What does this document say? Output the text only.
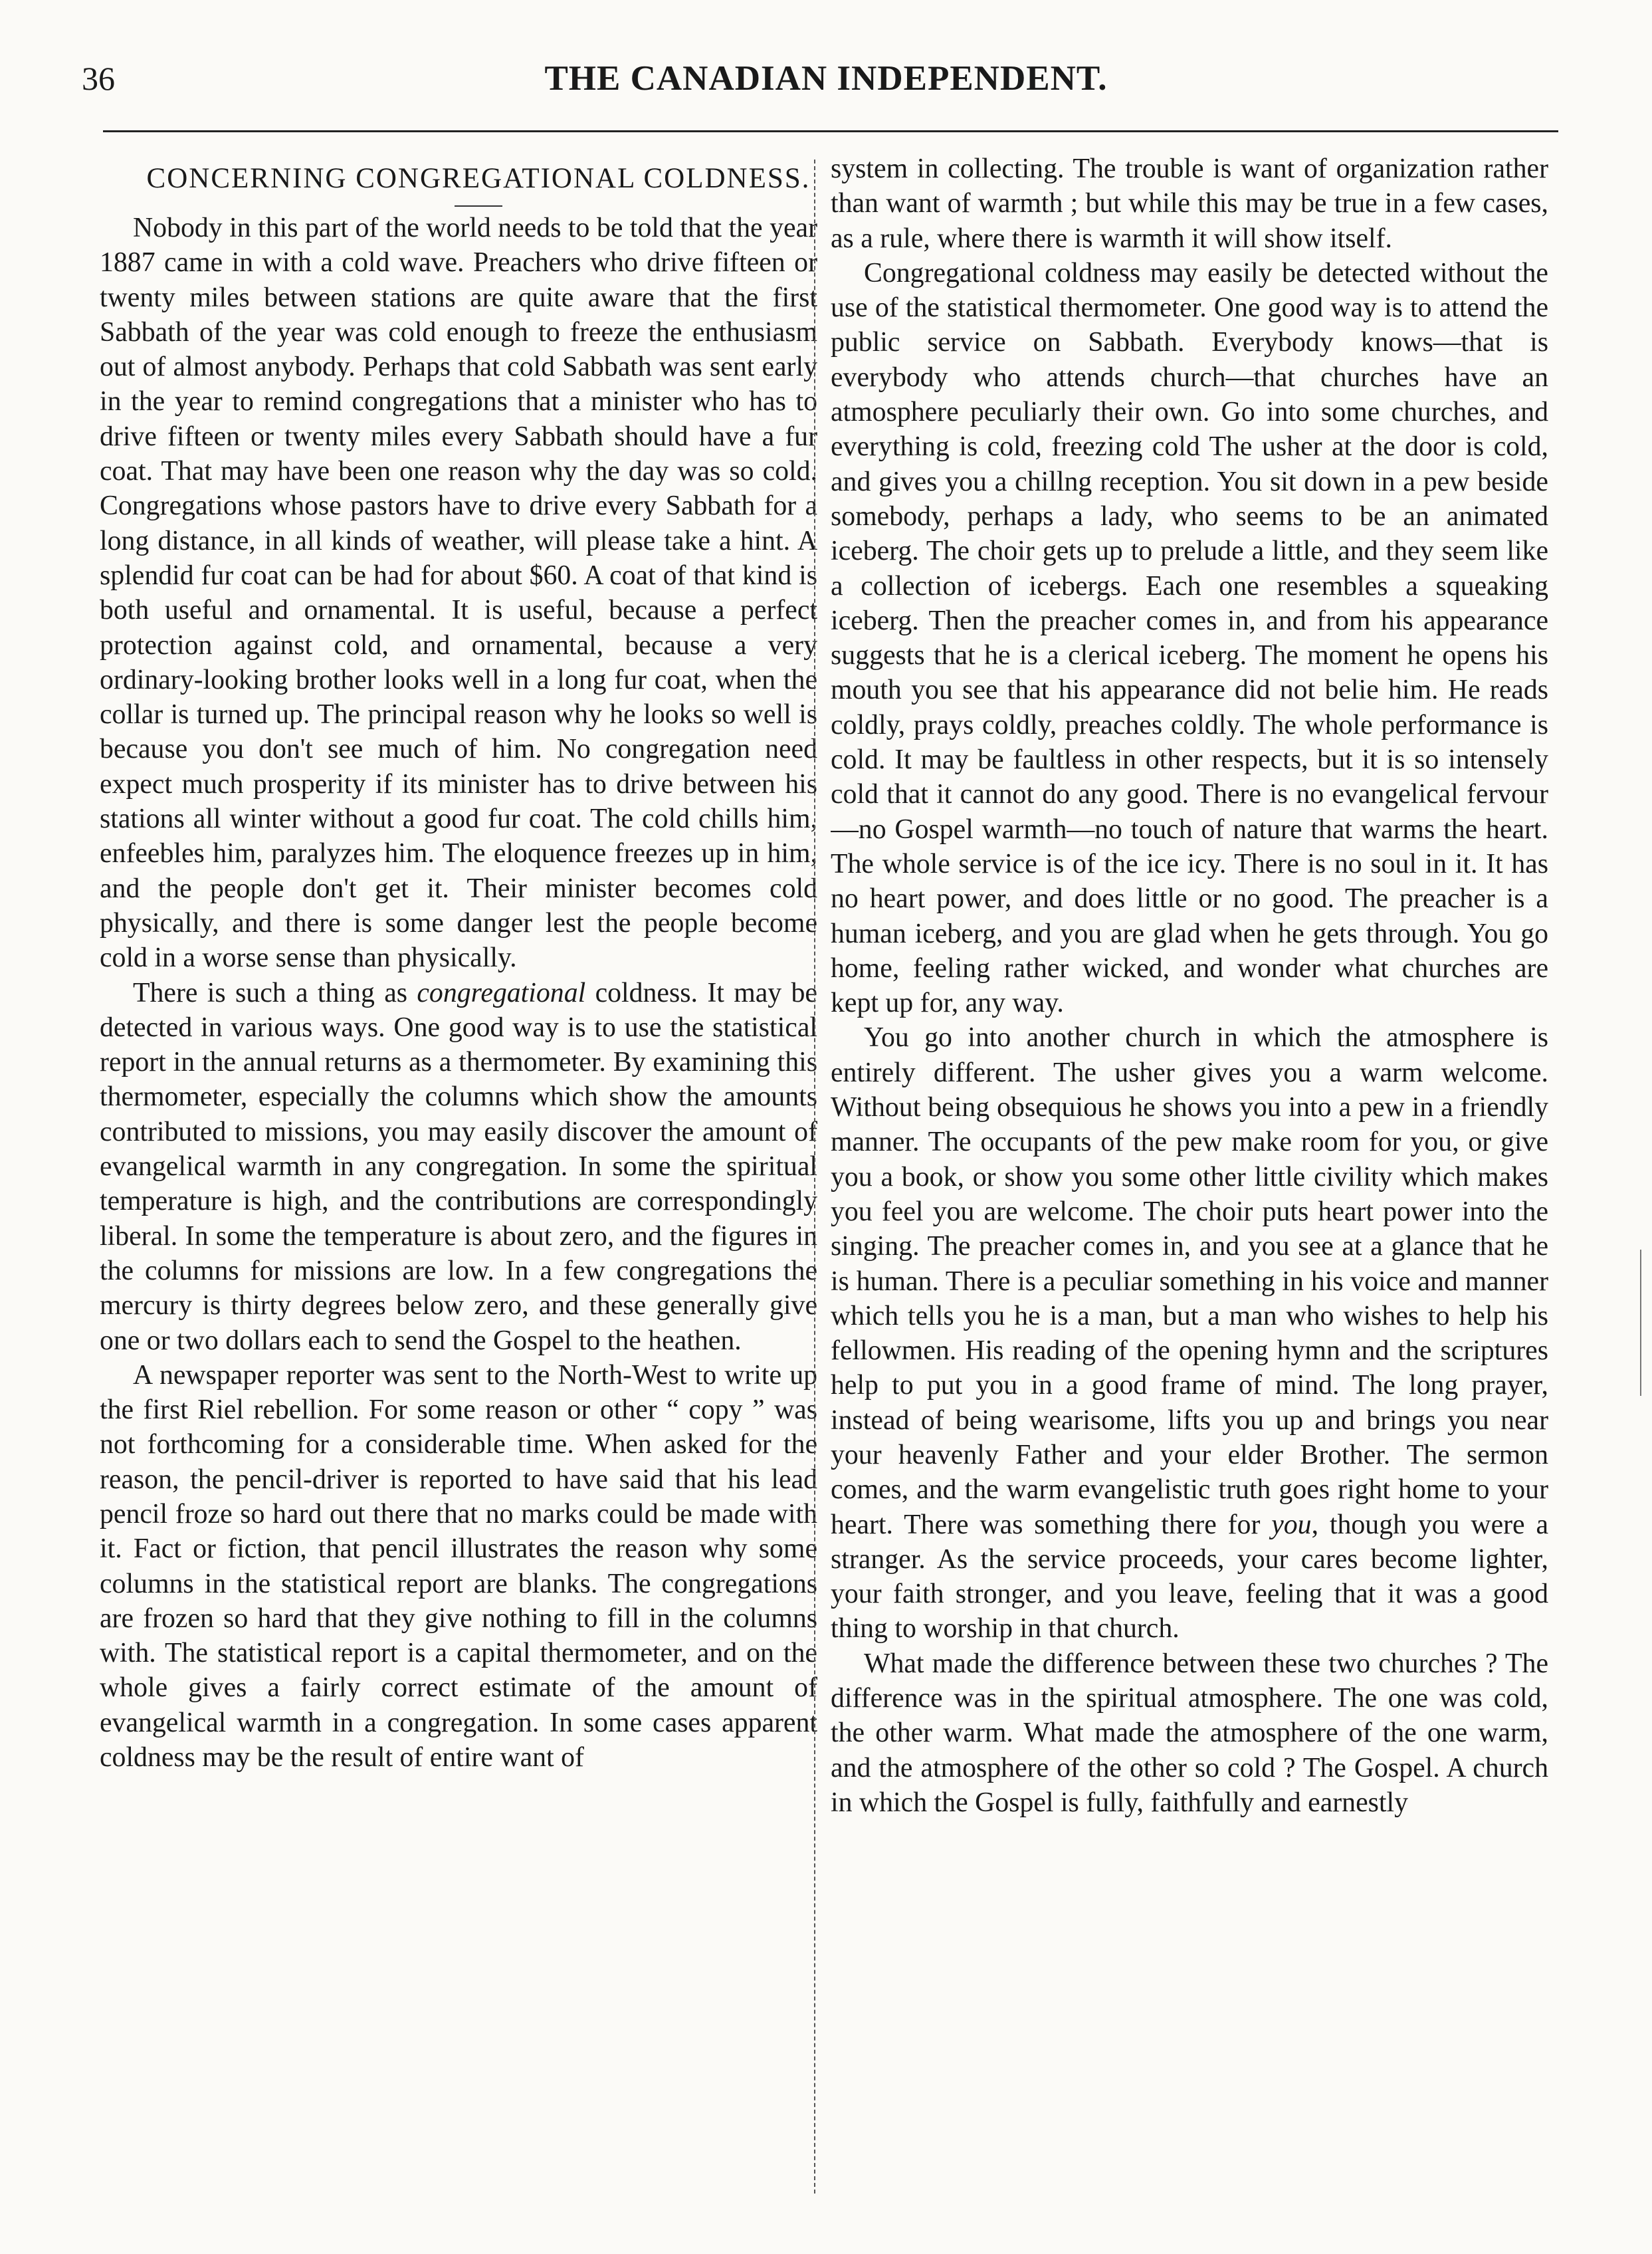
36	THE CANADIAN INDEPENDENT.
CONCERNING CONGREGATIONAL COLDNESS.

Nobody in this part of the world needs to be told that the year 1887 came in with a cold wave. Preachers who drive fifteen or twenty miles between stations are quite aware that the first Sabbath of the year was cold enough to freeze the enthusiasm out of almost anybody. Perhaps that cold Sabbath was sent early in the year to remind congregations that a minister who has to drive fifteen or twenty miles every Sabbath should have a fur coat. That may have been one reason why the day was so cold. Congregations whose pastors have to drive every Sabbath for a long distance, in all kinds of weather, will please take a hint. A splendid fur coat can be had for about $60. A coat of that kind is both useful and ornamental. It is useful, because a perfect protection against cold, and ornamental, because a very ordinary-looking brother looks well in a long fur coat, when the collar is turned up. The principal reason why he looks so well is because you don't see much of him. No congregation need expect much prosperity if its minister has to drive between his stations all winter without a good fur coat. The cold chills him, enfeebles him, paralyzes him. The eloquence freezes up in him, and the people don't get it. Their minister becomes cold physically, and there is some danger lest the people become cold in a worse sense than physically.

There is such a thing as congregational coldness. It may be detected in various ways. One good way is to use the statistical report in the annual returns as a thermometer. By examining this thermometer, especially the columns which show the amounts contributed to missions, you may easily discover the amount of evangelical warmth in any congregation. In some the spiritual temperature is high, and the contributions are correspondingly liberal. In some the temperature is about zero, and the figures in the columns for missions are low. In a few congregations the mercury is thirty degrees below zero, and these generally give one or two dollars each to send the Gospel to the heathen.

A newspaper reporter was sent to the North-West to write up the first Riel rebellion. For some reason or other “ copy ” was not forthcoming for a considerable time. When asked for the reason, the pencil-driver is reported to have said that his lead pencil froze so hard out there that no marks could be made with it. Fact or fiction, that pencil illustrates the reason why some columns in the statistical report are blanks. The congregations are frozen so hard that they give nothing to fill in the columns with. The statistical report is a capital thermometer, and on the whole gives a fairly correct estimate of the amount of evangelical warmth in a congregation. In some cases apparent coldness may be the result of entire want of

system in collecting. The trouble is want of organization rather than want of warmth ; but while this may be true in a few cases, as a rule, where there is warmth it will show itself.

Congregational coldness may easily be detected without the use of the statistical thermometer. One good way is to attend the public service on Sabbath. Everybody knows—that is everybody who attends church—that churches have an atmosphere peculiarly their own. Go into some churches, and everything is cold, freezing cold The usher at the door is cold, and gives you a chillng reception. You sit down in a pew beside somebody, perhaps a lady, who seems to be an animated iceberg. The choir gets up to prelude a little, and they seem like a collection of icebergs. Each one resembles a squeaking iceberg. Then the preacher comes in, and from his appearance suggests that he is a clerical iceberg. The moment he opens his mouth you see that his appearance did not belie him. He reads coldly, prays coldly, preaches coldly. The whole performance is cold. It may be faultless in other respects, but it is so intensely cold that it cannot do any good. There is no evangelical fervour—no Gospel warmth—no touch of nature that warms the heart. The whole service is of the ice icy. There is no soul in it. It has no heart power, and does little or no good. The preacher is a human iceberg, and you are glad when he gets through. You go home, feeling rather wicked, and wonder what churches are kept up for, any way.

You go into another church in which the atmosphere is entirely different. The usher gives you a warm welcome. Without being obsequious he shows you into a pew in a friendly manner. The occupants of the pew make room for you, or give you a book, or show you some other little civility which makes you feel you are welcome. The choir puts heart power into the singing. The preacher comes in, and you see at a glance that he is human. There is a peculiar something in his voice and manner which tells you he is a man, but a man who wishes to help his fellowmen. His reading of the opening hymn and the scriptures help to put you in a good frame of mind. The long prayer, instead of being wearisome, lifts you up and brings you near your heavenly Father and your elder Brother. The sermon comes, and the warm evangelistic truth goes right home to your heart. There was something there for you, though you were a stranger. As the service proceeds, your cares become lighter, your faith stronger, and you leave, feeling that it was a good thing to worship in that church.

What made the difference between these two churches ? The difference was in the spiritual atmosphere. The one was cold, the other warm. What made the atmosphere of the one warm, and the atmosphere of the other so cold ? The Gospel. A church in which the Gospel is fully, faithfully and earnestly
